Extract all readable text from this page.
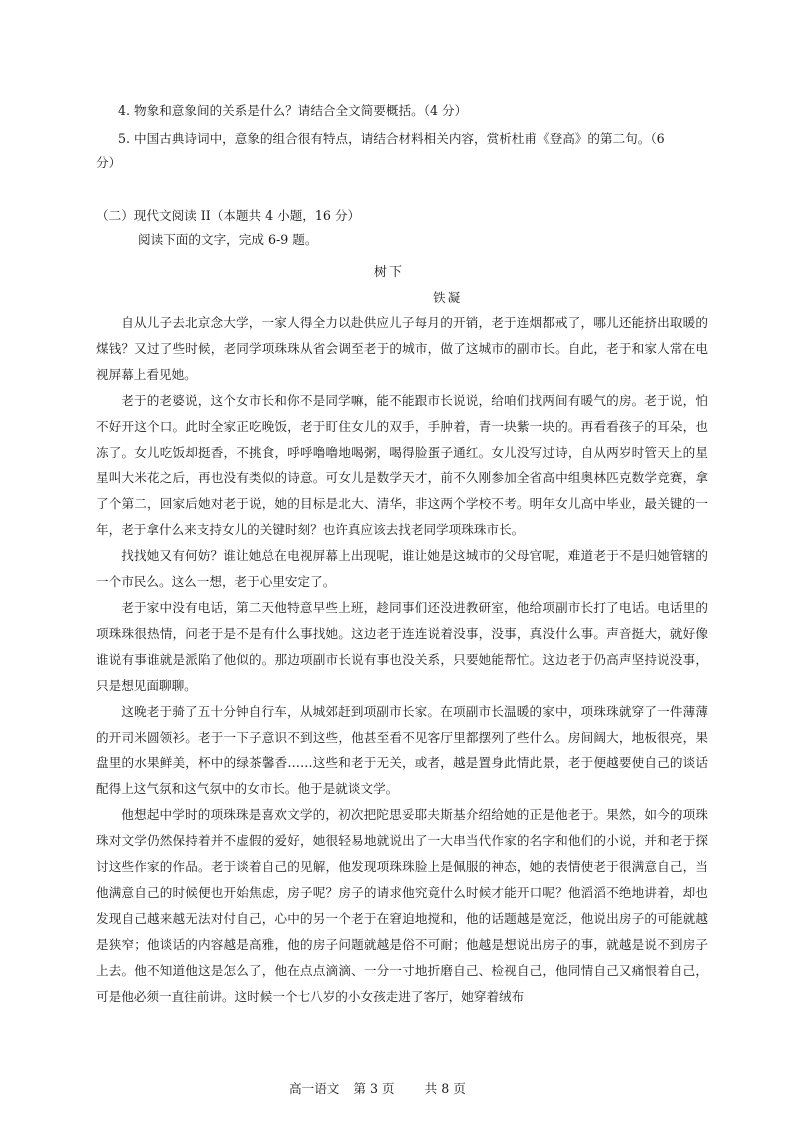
4. 物象和意象间的关系是什么？请结合全文简要概括。（4 分）
5. 中国古典诗词中，意象的组合很有特点，请结合材料相关内容，赏析杜甫《登高》的第二句。（6
分）
（二）现代文阅读 II（本题共 4 小题，16 分）
阅读下面的文字，完成 6-9 题。
树下
铁凝

自从儿子去北京念大学，一家人得全力以赴供应儿子每月的开销，老于连烟都戒了，哪儿还能挤出取暖的煤钱？又过了些时候，老同学项珠珠从省会调至老于的城市，做了这城市的副市长。自此，老于和家人常在电视屏幕上看见她。

老于的老婆说，这个女市长和你不是同学嘛，能不能跟市长说说，给咱们找两间有暖气的房。老于说，怕不好开这个口。此时全家正吃晚饭，老于盯住女儿的双手，手肿着，青一块紫一块的。再看看孩子的耳朵，也冻了。女儿吃饭却挺香，不挑食，呼呼噜噜地喝粥，喝得脸蛋子通红。女儿没写过诗，自从两岁时管天上的星星叫大米花之后，再也没有类似的诗意。可女儿是数学天才，前不久刚参加全省高中组奥林匹克数学竞赛，拿了个第二，回家后她对老于说，她的目标是北大、清华，非这两个学校不考。明年女儿高中毕业，最关键的一年，老于拿什么来支持女儿的关键时刻？也许真应该去找老同学项珠珠市长。

找找她又有何妨？谁让她总在电视屏幕上出现呢，谁让她是这城市的父母官呢，难道老于不是归她管辖的一个市民么。这么一想，老于心里安定了。

老于家中没有电话，第二天他特意早些上班，趁同事们还没进教研室，他给项副市长打了电话。电话里的项珠珠很热情，问老于是不是有什么事找她。这边老于连连说着没事，没事，真没什么事。声音挺大，就好像谁说有事谁就是派陷了他似的。那边项副市长说有事也没关系，只要她能帮忙。这边老于仍高声坚持说没事，只是想见面聊聊。

这晚老于骑了五十分钟自行车，从城郊赶到项副市长家。在项副市长温暖的家中，项珠珠就穿了一件薄薄的开司米圆领衫。老于一下子意识不到这些，他甚至看不见客厅里都摆列了些什么。房间阔大，地板很亮，果盘里的水果鲜美，杯中的绿茶馨香……这些和老于无关，或者，越是置身此情此景，老于便越要使自己的谈话配得上这气氛和这气氛中的女市长。他于是就谈文学。

他想起中学时的项珠珠是喜欢文学的，初次把陀思妥耶夫斯基介绍给她的正是他老于。果然，如今的项珠珠对文学仍然保持着并不虚假的爱好，她很轻易地就说出了一大串当代作家的名字和他们的小说，并和老于探讨这些作家的作品。老于谈着自己的见解，他发现项珠珠脸上是佩服的神态，她的表情使老于很满意自己，当他满意自己的时候便也开始焦虑，房子呢？房子的请求他究竟什么时候才能开口呢？他滔滔不绝地讲着，却也发现自己越来越无法对付自己，心中的另一个老于在窘迫地搅和，他的话题越是宽泛，他说出房子的可能就越是狭窄；他谈话的内容越是高雅，他的房子问题就越是俗不可耐；他越是想说出房子的事，就越是说不到房子上去。他不知道他这是怎么了，他在点点滴滴、一分一寸地折磨自己、检视自己，他同情自己又痛恨着自己，可是他必须一直往前讲。这时候一个七八岁的小女孩走进了客厅，她穿着绒布

高一语文 第 3 页 共 8 页
